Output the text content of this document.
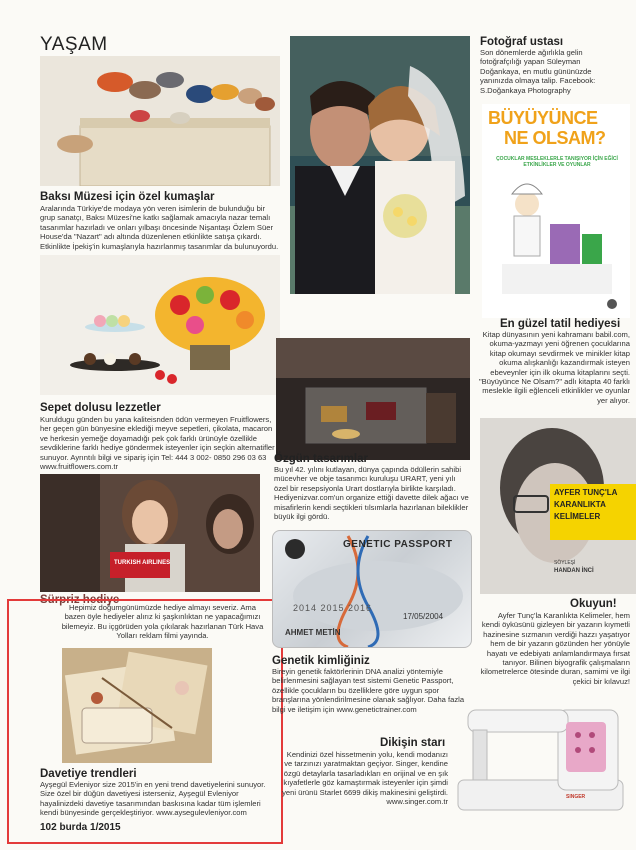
YAŞAM
Baksı Müzesi için özel kumaşlar
Aralarında Türkiye'de modaya yön veren isimlerin de bulunduğu bir grup sanatçı, Baksı Müzesi'ne katkı sağlamak amacıyla nazar temalı tasarımlar hazırladı ve onları yılbaşı öncesinde Nişantaşı Özlem Süer House'da "Nazart" adı altında düzenlenen etkinlikte satışa çıkardı. Etkinlikte İpekiş'in kumaşlarıyla hazırlanmış tasarımlar da bulunuyordu.
Sepet dolusu lezzetler
Kuruldugu günden bu yana kaliteisnden ödün vermeyen Fruitflowers, her geçen gün bünyesine eklediği meyve sepetleri, çikolata, macaron ve herkesin yemeğe doyamadığı pek çok farklı ürünüyle özellikle sevdiklerine farklı hediye göndermek isteyenler için seçkin alternatifler sunuyor. Ayrıntılı bilgi ve sipariş için Tel: 444 3 002- 0850 296 03 63 www.fruitflowers.com.tr
TURKISH AIRLINES
Sürpriz hediye
Hepimiz doğumgünümüzde hediye almayı severiz. Ama bazen öyle hediyeler alırız ki şaşkınlıktan ne yapacağımızı bilemeyiz. Bu içgörüden yola çıkılarak hazırlanan Türk Hava Yolları reklam filmi yayında.
Davetiye trendleri
Ayşegül Evleniyor size 2015'in en yeni trend davetiyelerini sunuyor. Size özel bir düğün davetiyesi isterseniz, Ayşegül Evleniyor hayalinizdeki davetiye tasarımından baskısına kadar tüm işlemleri kendi bünyesinde gerçekleştiriyor. www.aysegulevleniyor.com
102 burda 1/2015
Özgün tasarımlar
Bu yıl 42. yılını kutlayan, dünya çapında ödüllerin sahibi mücevher ve obje tasarımcı kuruluşu URART, yeni yılı özel bir resepsiyonla Urart dostlarıyla birlikte karşıladı. Hediyenizvar.com'un organize ettiği davette dilek ağacı ve misafirlerin kendi seçtikleri tılsımlarla hazırlanan bileklikler büyük ilgi gördü.
GENETIC PASSPORT
2014 2015 2016
AHMET METİN
17/05/2004
Genetik kimliğiniz
Bireyin genetik faktörlerinin DNA analizi yöntemiyle belirlenmesini sağlayan test sistemi Genetic Passport, özellikle çocukların bu özelliklere göre uygun spor branşlarına yönlendirilmesine olanak sağlıyor. Daha fazla bilgi ve iletişim için www.genetictrainer.com
Dikişin starı
Kendinizi özel hissetmenin yolu, kendi modanızı ve tarzınızı yaratmaktan geçiyor. Singer, kendine özgü detaylarla tasarladıkları en orijinal ve en şık kıyafetlerle göz kamaştırmak isteyenler için şimdi yeni ürünü Starlet 6699 dikiş makinesini geliştirdi. www.singer.com.tr
Fotoğraf ustası
Son dönemlerde ağırlıkla gelin fotoğrafçılığı yapan Süleyman Doğankaya, en mutlu gününüzde yanınızda olmaya talip. Facebook: S.Doğankaya Photography
BÜYÜYÜNCE
NE OLSAM?
ÇOCUKLAR MESLEKLERLE TANIŞIYOR İÇİN EĞİCİ ETKİNLİKLER VE OYUNLAR
En güzel tatil hediyesi
Kitap dünyasının yeni kahramanı babil.com, okuma-yazmayı yeni öğrenen çocuklarına kitap okumayı sevdirmek ve minikler kitap okuma alışkanlığı kazandırmak isteyen ebeveynler için ilk okuma kitaplarını seçti. "Büyüyünce Ne Olsam?" adlı kitapta 40 farklı meslekle ilgili eğlenceli etkinlikler ve oyunlar yer alıyor.
AYFER TUNÇ'LA
KARANLIKTA
KELİMELER
SÖYLEŞİ
HANDAN İNCİ
Okuyun!
Ayfer Tunç'la Karanlıkta Kelimeler, hem kendi öyküsünü gizleyen bir yazarın kıymetli hazinesine sızmanın verdiği hazzı yaşatıyor hem de bir yazarın gözünden her yönüyle hayatı ve edebiyatı anlamlandırmaya fırsat tanıyor. Bilinen biyografik çalışmaların kilometrelerce ötesinde duran, samimi ve ilgi çekici bir kılavuz!
SINGER
